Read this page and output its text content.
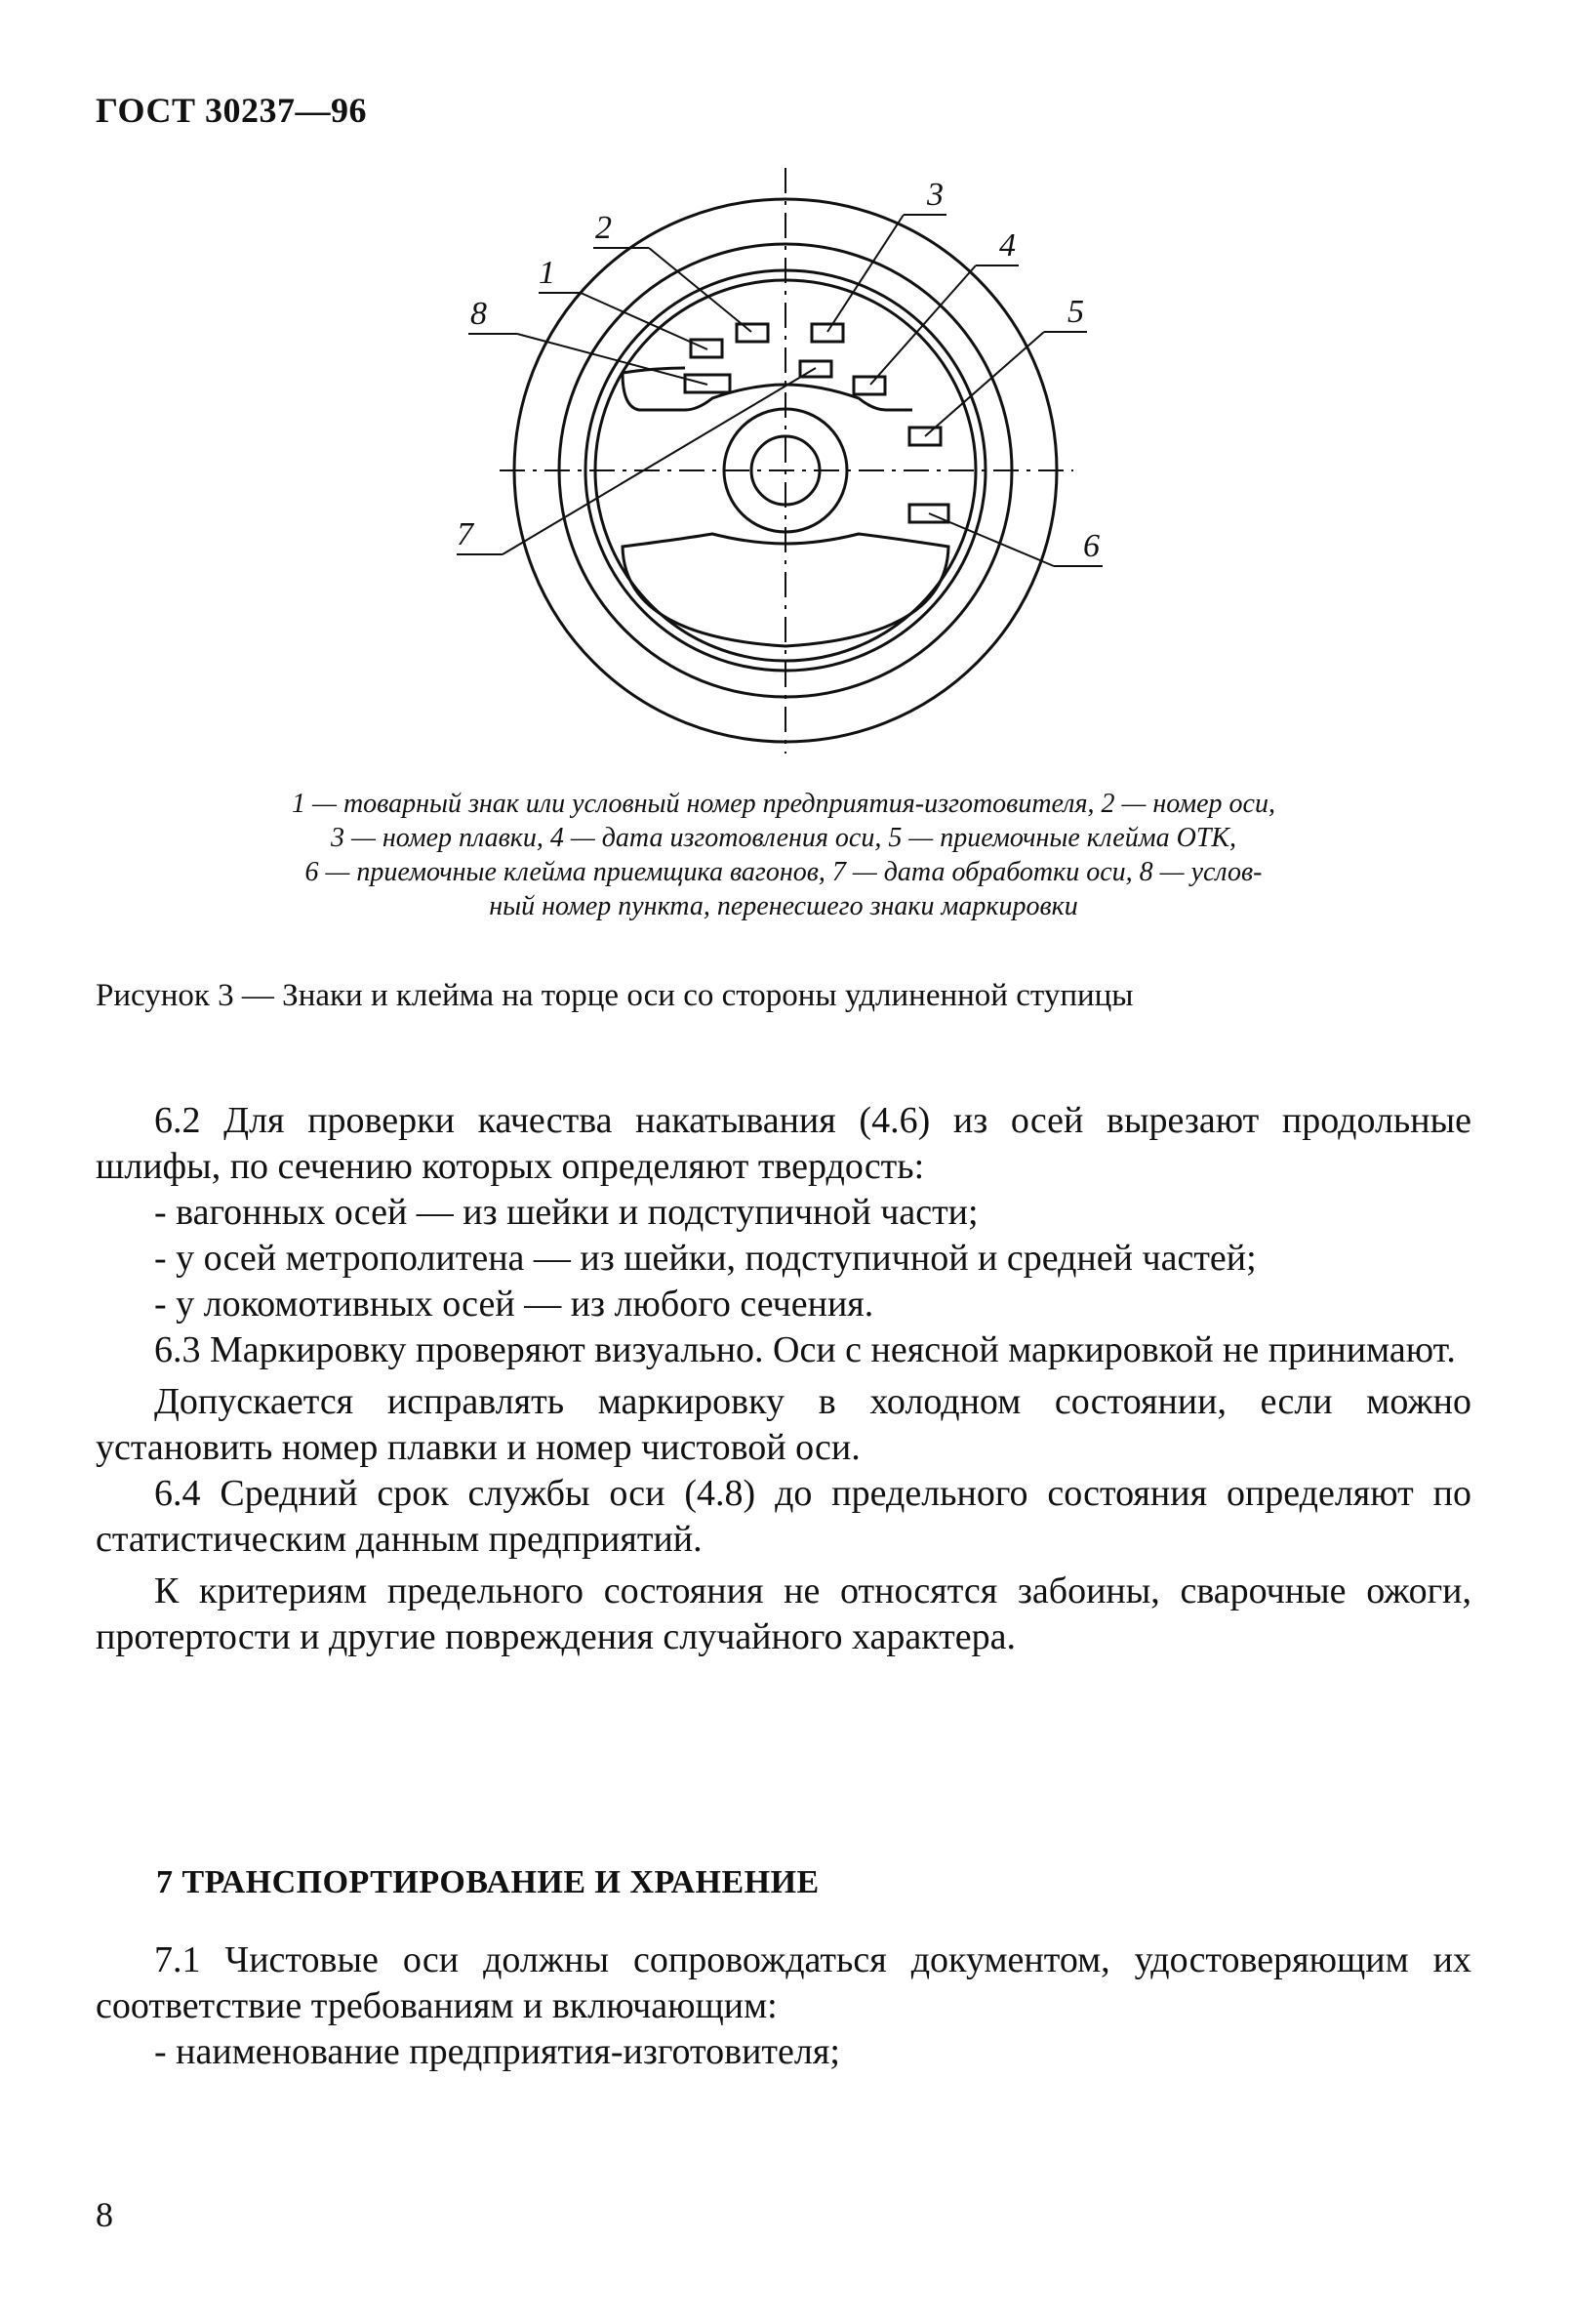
ГОСТ 30237—96
2
1
8
3
4
5
6
7

1 — товарный знак или условный номер предприятия-изготовителя, 2 — номер оси,

3 — номер плавки, 4 — дата изготовления оси, 5 — приемочные клейма ОТК,

6 — приемочные клейма приемщика вагонов, 7 — дата обработки оси, 8 — услов-

ный номер пункта, перенесшего знаки маркировки

Рисунок 3 — Знаки и клейма на торце оси со стороны удлиненной ступицы

6.2 Для проверки качества накатывания (4.6) из осей вырезают продольные шлифы, по сечению которых определяют твердость:

- вагонных осей — из шейки и подступичной части;

- у осей метрополитена — из шейки, подступичной и средней частей;

- у локомотивных осей — из любого сечения.

6.3 Маркировку проверяют визуально. Оси с неясной маркировкой не принимают.

Допускается исправлять маркировку в холодном состоянии, если можно установить номер плавки и номер чистовой оси.

6.4 Средний срок службы оси (4.8) до предельного состояния определяют по статистическим данным предприятий.

К критериям предельного состояния не относятся забоины, сварочные ожоги, протертости и другие повреждения случайного характера.

7 ТРАНСПОРТИРОВАНИЕ И ХРАНЕНИЕ

7.1 Чистовые оси должны сопровождаться документом, удостоверяющим их соответствие требованиям и включающим:

- наименование предприятия-изготовителя;

8
